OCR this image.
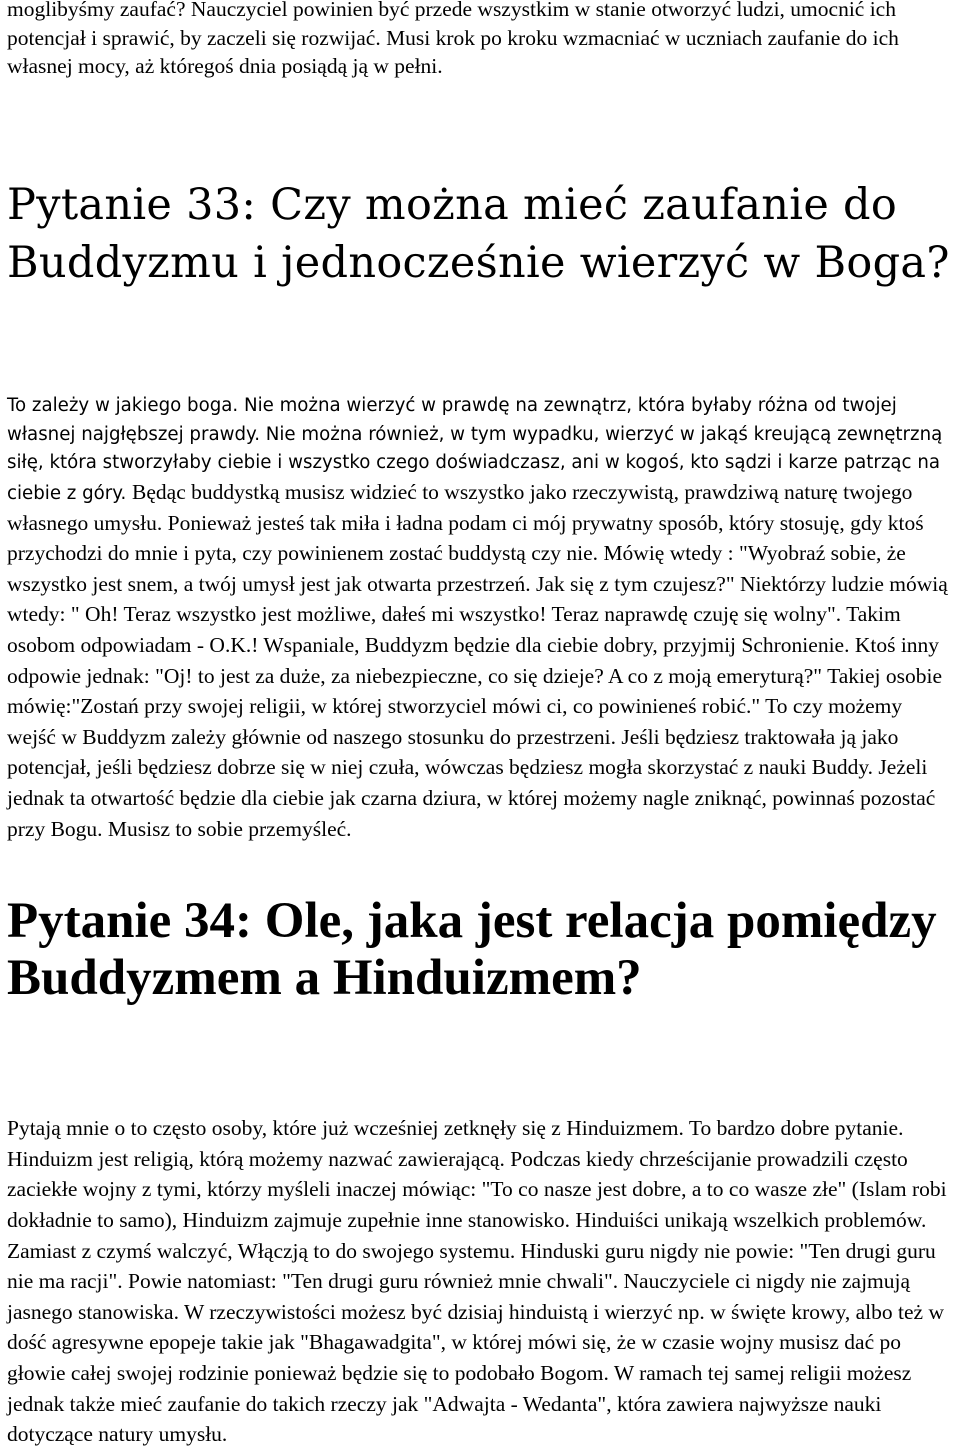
moglibyśmy zaufać? Nauczyciel powinien być przede wszystkim w stanie otworzyć ludzi, umocnić ich potencjał i sprawić, by zaczeli się rozwijać. Musi krok po kroku wzmacniać w uczniach zaufanie do ich własnej mocy, aż któregoś dnia posiądą ją w pełni.

Pytanie 33: Czy można mieć zaufanie do Buddyzmu i jednocześnie wierzyć w Boga?

To zależy w jakiego boga. Nie można wierzyć w prawdę na zewnątrz, która byłaby różna od twojej własnej najgłębszej prawdy. Nie można również, w tym wypadku, wierzyć w jakąś kreującą zewnętrzną siłę, która stworzyłaby ciebie i wszystko czego doświadczasz, ani w kogoś, kto sądzi i karze patrząc na ciebie z góry. Będąc buddystką musisz widzieć to wszystko jako rzeczywistą, prawdziwą naturę twojego własnego umysłu. Ponieważ jesteś tak miła i ładna podam ci mój prywatny sposób, który stosuję, gdy ktoś przychodzi do mnie i pyta, czy powinienem zostać buddystą czy nie. Mówię wtedy : "Wyobraź sobie, że wszystko jest snem, a twój umysł jest jak otwarta przestrzeń. Jak się z tym czujesz?" Niektórzy ludzie mówią wtedy: " Oh! Teraz wszystko jest możliwe, dałeś mi wszystko! Teraz naprawdę czuję się wolny". Takim osobom odpowiadam - O.K.! Wspaniale, Buddyzm będzie dla ciebie dobry, przyjmij Schronienie. Ktoś inny odpowie jednak: "Oj! to jest za duże, za niebezpieczne, co się dzieje? A co z moją emeryturą?" Takiej osobie mówię:"Zostań przy swojej religii, w której stworzyciel mówi ci, co powinieneś robić." To czy możemy wejść w Buddyzm zależy głównie od naszego stosunku do przestrzeni. Jeśli będziesz traktowała ją jako potencjał, jeśli będziesz dobrze się w niej czuła, wówczas będziesz mogła skorzystać z nauki Buddy. Jeżeli jednak ta otwartość będzie dla ciebie jak czarna dziura, w której możemy nagle zniknąć, powinnaś pozostać przy Bogu. Musisz to sobie przemyśleć.

Pytanie 34: Ole, jaka jest relacja pomiędzy Buddyzmem a Hinduizmem?

Pytają mnie o to często osoby, które już wcześniej zetknęły się z Hinduizmem. To bardzo dobre pytanie. Hinduizm jest religią, którą możemy nazwać zawierającą. Podczas kiedy chrześcijanie prowadzili często zaciekłe wojny z tymi, którzy myśleli inaczej mówiąc: "To co nasze jest dobre, a to co wasze złe" (Islam robi dokładnie to samo), Hinduizm zajmuje zupełnie inne stanowisko. Hinduiści unikają wszelkich problemów. Zamiast z czymś walczyć, Włączją to do swojego systemu. Hinduski guru nigdy nie powie: "Ten drugi guru nie ma racji". Powie natomiast: "Ten drugi guru również mnie chwali". Nauczyciele ci nigdy nie zajmują jasnego stanowiska. W rzeczywistości możesz być dzisiaj hinduistą i wierzyć np. w święte krowy, albo też w dość agresywne epopeje takie jak "Bhagawadgita", w której mówi się, że w czasie wojny musisz dać po głowie całej swojej rodzinie ponieważ będzie się to podobało Bogom. W ramach tej samej religii możesz jednak także mieć zaufanie do takich rzeczy jak "Adwajta - Wedanta", która zawiera najwyższe nauki dotyczące natury umysłu.
